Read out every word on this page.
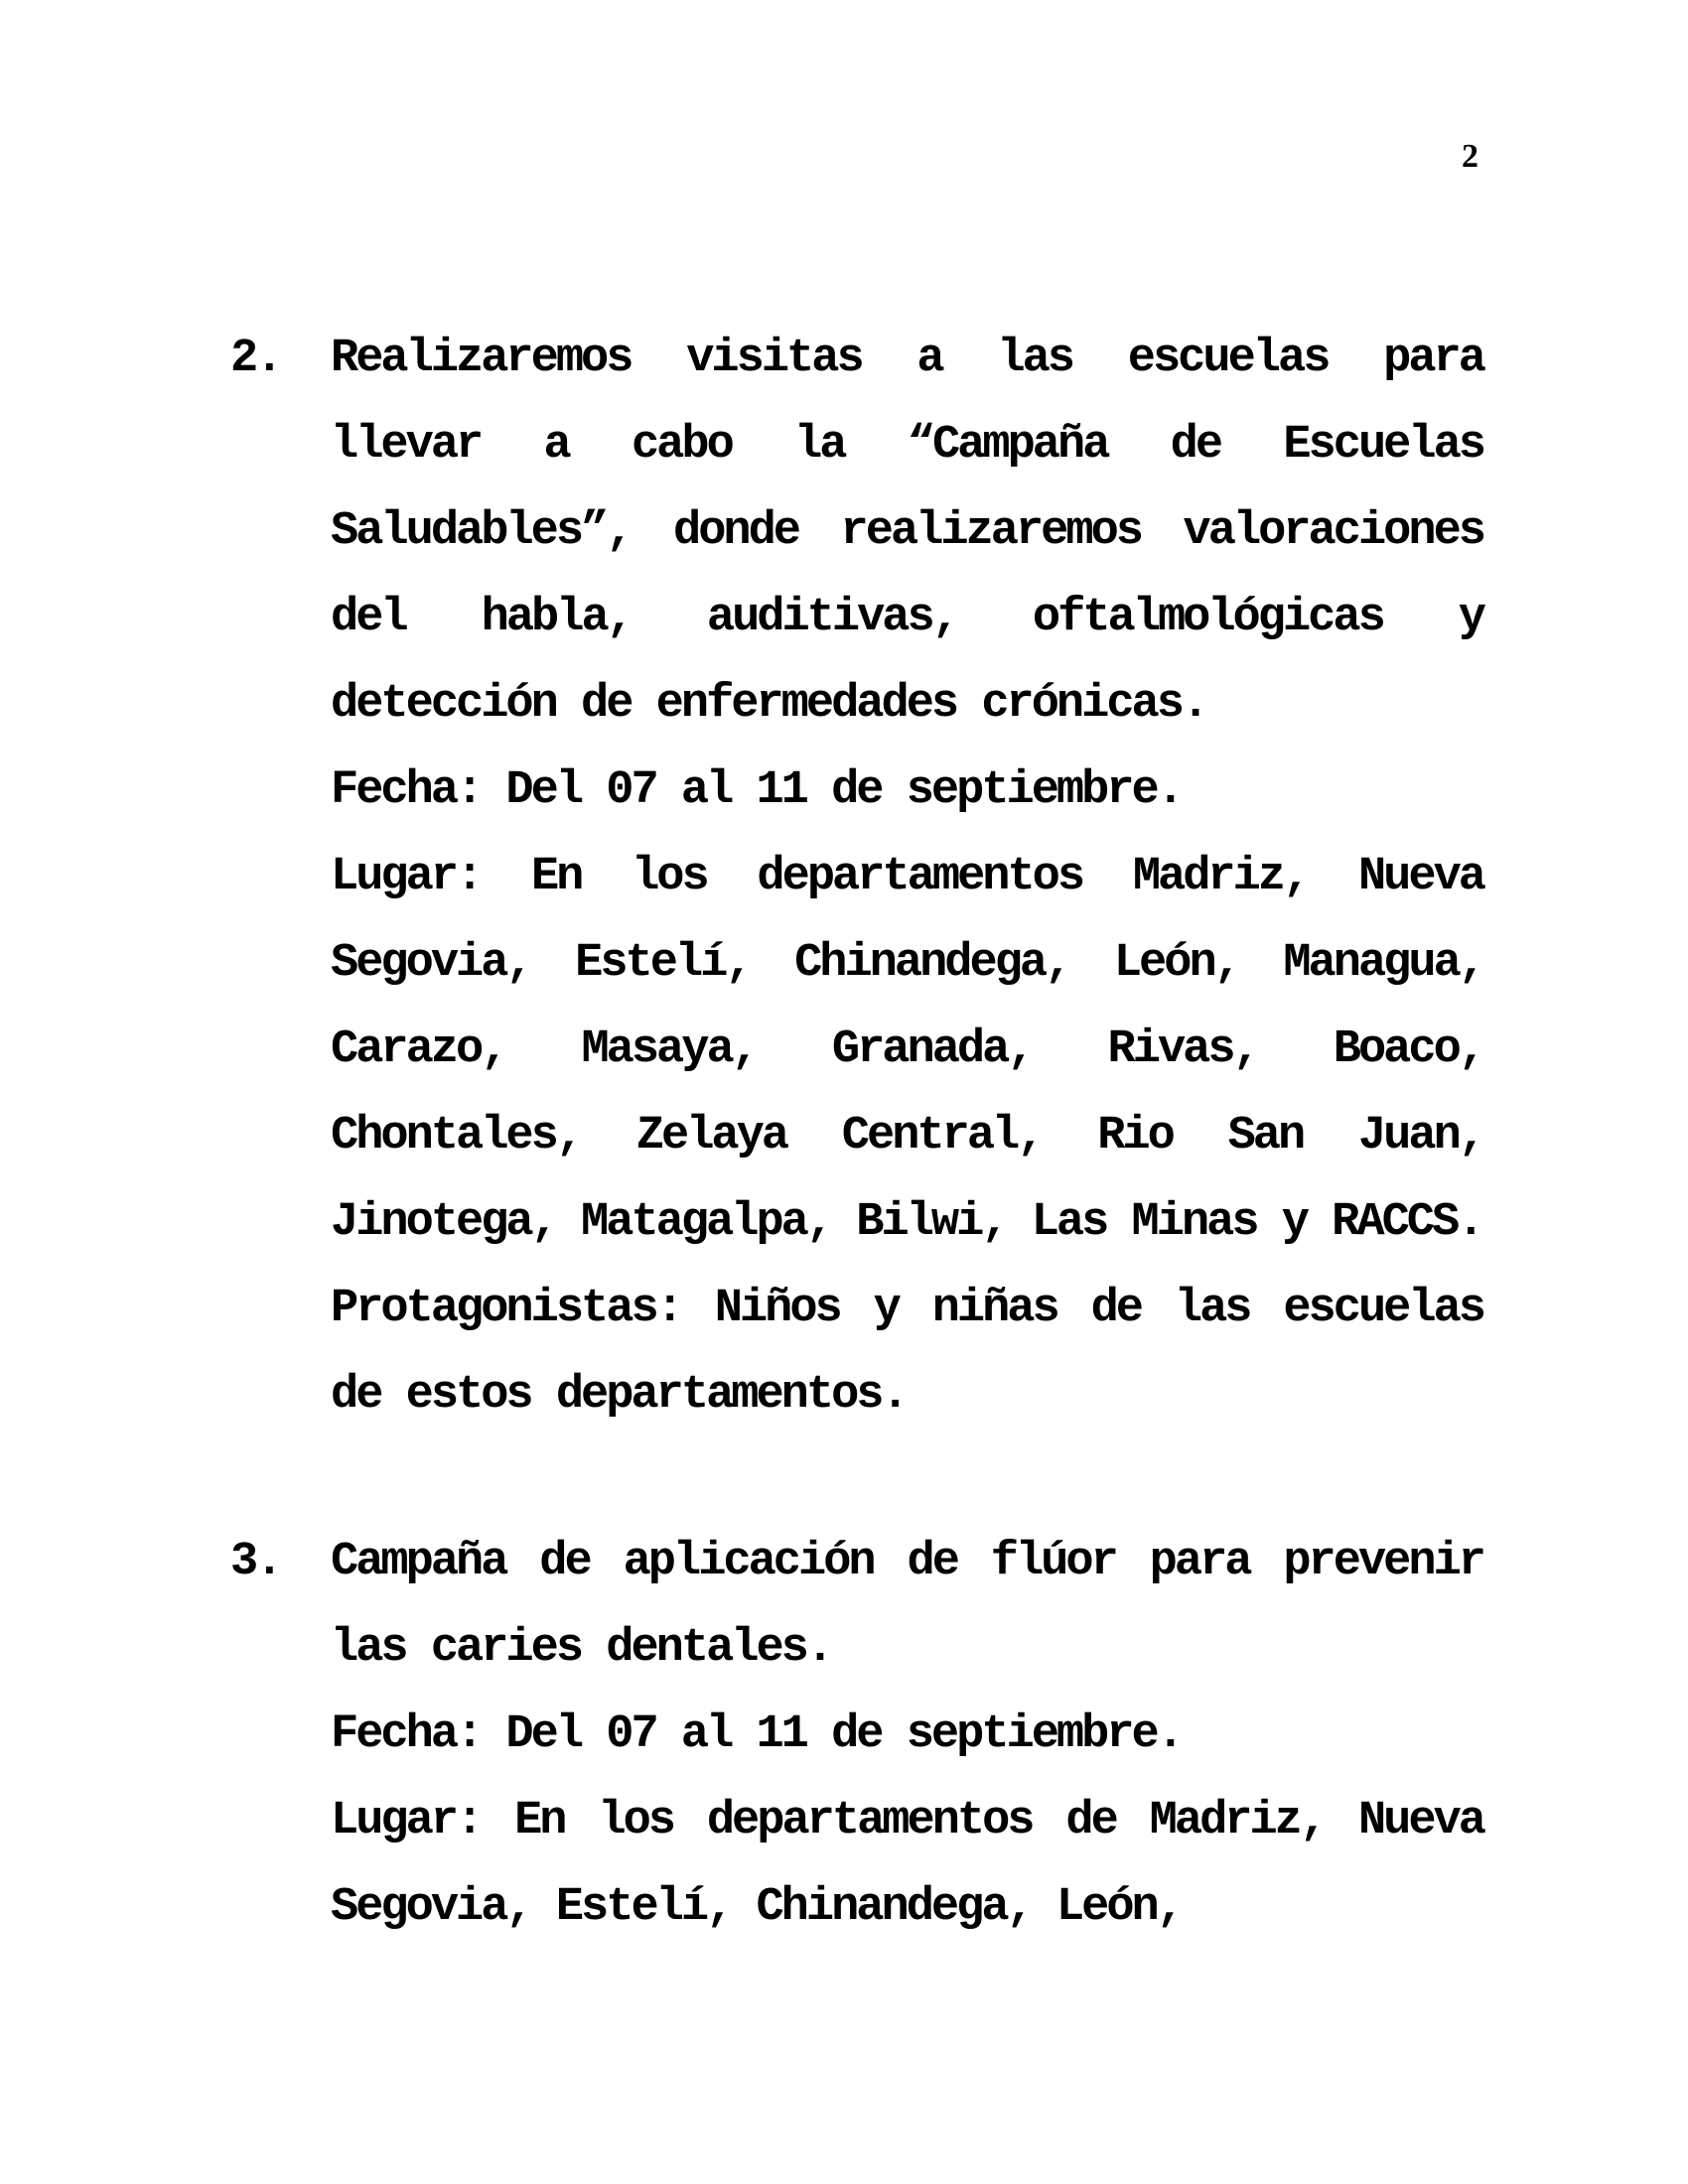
2
2. Realizaremos visitas a las escuelas para llevar a cabo la “Campaña de Escuelas Saludables”, donde realizaremos valoraciones del habla, auditivas, oftalmológicas y detección de enfermedades crónicas.

Fecha: Del 07 al 11 de septiembre.

Lugar: En los departamentos Madriz, Nueva Segovia, Estelí, Chinandega, León, Managua, Carazo, Masaya, Granada, Rivas, Boaco, Chontales, Zelaya Central, Rio San Juan, Jinotega, Matagalpa, Bilwi, Las Minas y RACCS.

Protagonistas: Niños y niñas de las escuelas de estos departamentos.

3. Campaña de aplicación de flúor para prevenir las caries dentales.

Fecha: Del 07 al 11 de septiembre.

Lugar: En los departamentos de Madriz, Nueva Segovia, Estelí, Chinandega, León,
